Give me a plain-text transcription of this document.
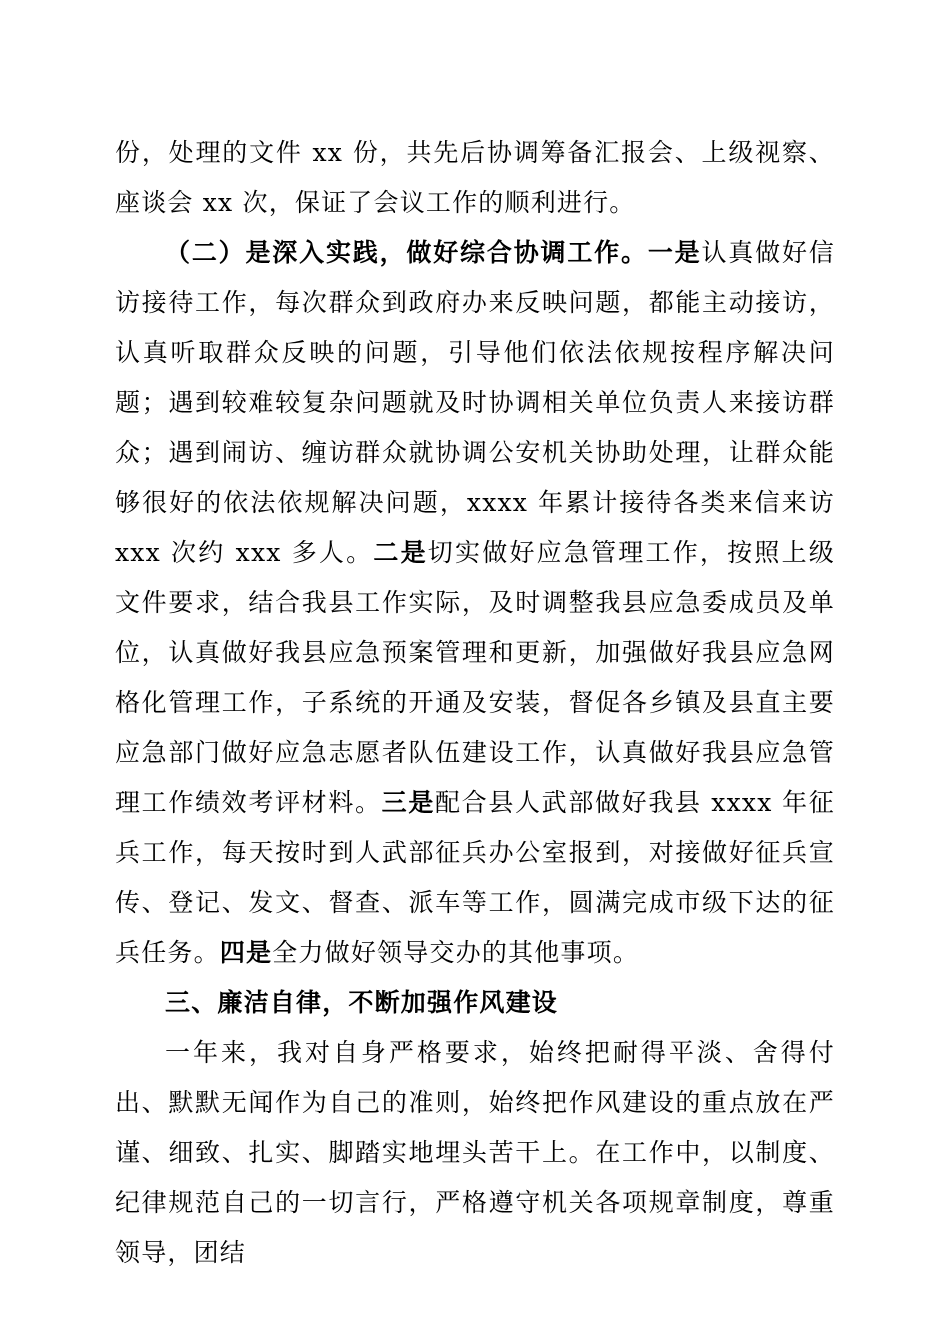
份，处理的文件 xx 份，共先后协调筹备汇报会、上级视察、座谈会 xx 次，保证了会议工作的顺利进行。

（二）是深入实践，做好综合协调工作。一是认真做好信访接待工作，每次群众到政府办来反映问题，都能主动接访，认真听取群众反映的问题，引导他们依法依规按程序解决问题；遇到较难较复杂问题就及时协调相关单位负责人来接访群众；遇到闹访、缠访群众就协调公安机关协助处理，让群众能够很好的依法依规解决问题，xxxx 年累计接待各类来信来访 xxx 次约 xxx 多人。二是切实做好应急管理工作，按照上级文件要求，结合我县工作实际，及时调整我县应急委成员及单位，认真做好我县应急预案管理和更新，加强做好我县应急网格化管理工作，子系统的开通及安装，督促各乡镇及县直主要应急部门做好应急志愿者队伍建设工作，认真做好我县应急管理工作绩效考评材料。三是配合县人武部做好我县 xxxx 年征兵工作，每天按时到人武部征兵办公室报到，对接做好征兵宣传、登记、发文、督查、派车等工作，圆满完成市级下达的征兵任务。四是全力做好领导交办的其他事项。

三、廉洁自律，不断加强作风建设

一年来，我对自身严格要求，始终把耐得平淡、舍得付出、默默无闻作为自己的准则，始终把作风建设的重点放在严谨、细致、扎实、脚踏实地埋头苦干上。在工作中，以制度、纪律规范自己的一切言行，严格遵守机关各项规章制度，尊重领导，团结
